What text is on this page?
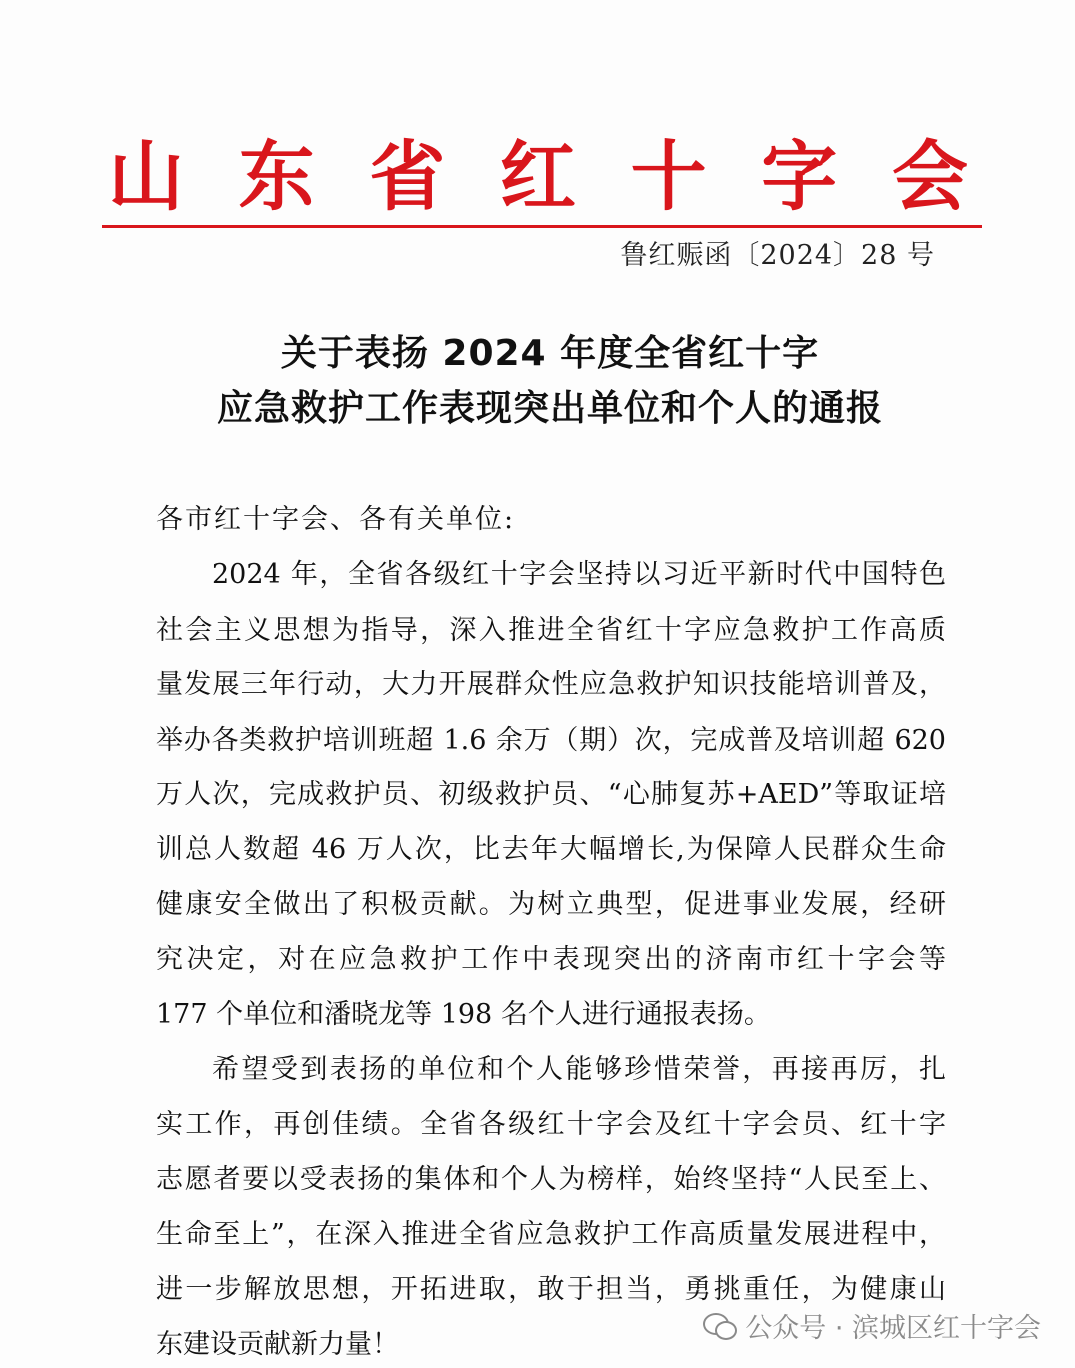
山 东 省 红 十 字 会
鲁红赈函〔2024〕28 号
关于表扬 2024 年度全省红十字
应急救护工作表现突出单位和个人的通报
各市红十字会、各有关单位:
2024 年，全省各级红十字会坚持以习近平新时代中国特色
社会主义思想为指导，深入推进全省红十字应急救护工作高质
量发展三年行动，大力开展群众性应急救护知识技能培训普及，
举办各类救护培训班超 1.6 余万（期）次，完成普及培训超 620
万人次，完成救护员、初级救护员、“心肺复苏+AED”等取证培
训总人数超 46 万人次，比去年大幅增长,为保障人民群众生命
健康安全做出了积极贡献。为树立典型，促进事业发展，经研
究决定，对在应急救护工作中表现突出的济南市红十字会等
177 个单位和潘晓龙等 198 名个人进行通报表扬。
希望受到表扬的单位和个人能够珍惜荣誉，再接再厉，扎
实工作，再创佳绩。全省各级红十字会及红十字会员、红十字
志愿者要以受表扬的集体和个人为榜样，始终坚持“人民至上、
生命至上”，在深入推进全省应急救护工作高质量发展进程中，
进一步解放思想，开拓进取，敢于担当，勇挑重任，为健康山
东建设贡献新力量！
公众号 · 滨城区红十字会
